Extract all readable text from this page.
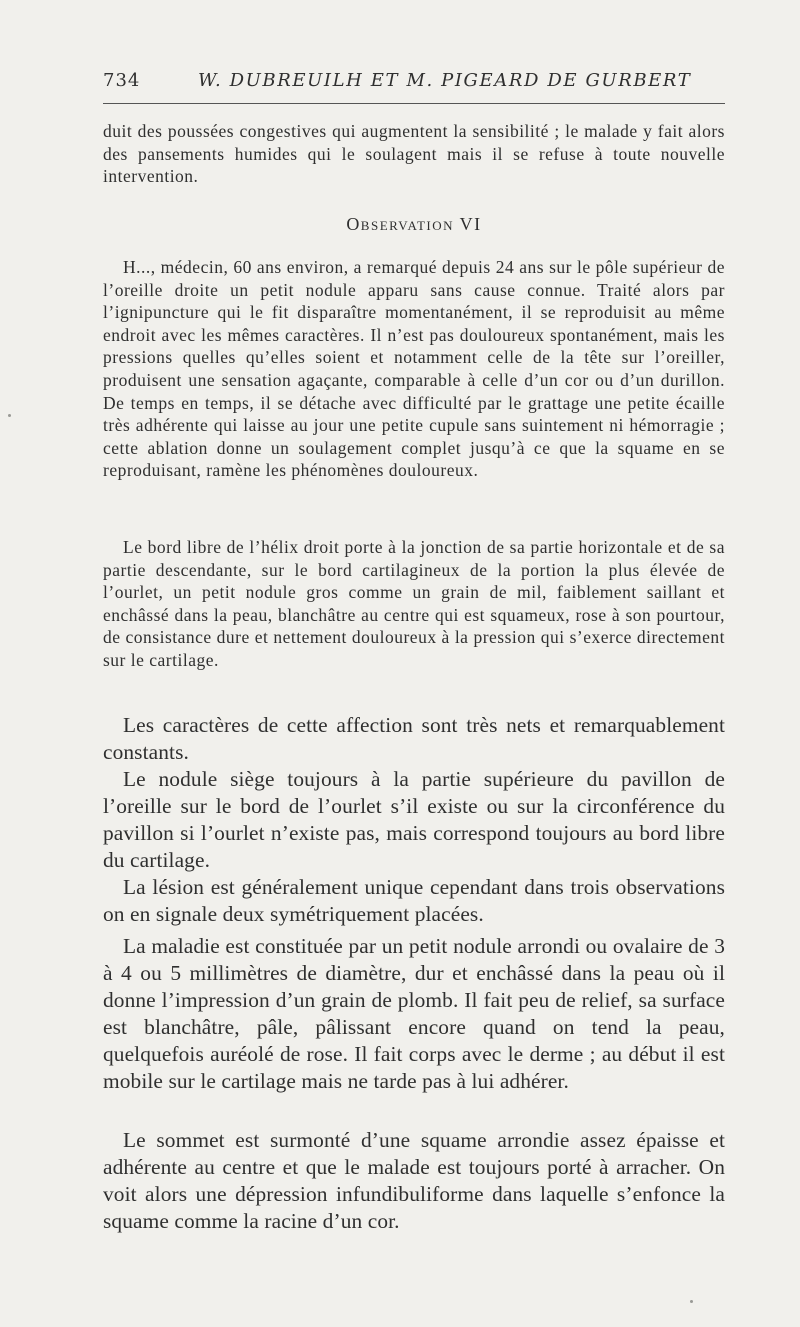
734	W. DUBREUILH ET M. PIGEARD DE GURBERT

duit des poussées congestives qui augmentent la sensibilité ; le malade y fait alors des pansements humides qui le soulagent mais il se refuse à toute nouvelle intervention.

Observation VI

H..., médecin, 60 ans environ, a remarqué depuis 24 ans sur le pôle supérieur de l’oreille droite un petit nodule apparu sans cause connue. Traité alors par l’ignipuncture qui le fit disparaître momentanément, il se reproduisit au même endroit avec les mêmes caractères. Il n’est pas douloureux spontanément, mais les pressions quelles qu’elles soient et notamment celle de la tête sur l’oreiller, produisent une sensation agaçante, comparable à celle d’un cor ou d’un durillon. De temps en temps, il se détache avec difficulté par le grattage une petite écaille très adhérente qui laisse au jour une petite cupule sans suintement ni hémorragie ; cette ablation donne un soulagement complet jusqu’à ce que la squame en se reproduisant, ramène les phénomènes douloureux.

Le bord libre de l’hélix droit porte à la jonction de sa partie horizontale et de sa partie descendante, sur le bord cartilagineux de la portion la plus élevée de l’ourlet, un petit nodule gros comme un grain de mil, faiblement saillant et enchâssé dans la peau, blanchâtre au centre qui est squameux, rose à son pourtour, de consistance dure et nettement douloureux à la pression qui s’exerce directement sur le cartilage.

Les caractères de cette affection sont très nets et remarquablement constants.

Le nodule siège toujours à la partie supérieure du pavillon de l’oreille sur le bord de l’ourlet s’il existe ou sur la circonférence du pavillon si l’ourlet n’existe pas, mais correspond toujours au bord libre du cartilage.

La lésion est généralement unique cependant dans trois observations on en signale deux symétriquement placées.

La maladie est constituée par un petit nodule arrondi ou ovalaire de 3 à 4 ou 5 millimètres de diamètre, dur et enchâssé dans la peau où il donne l’impression d’un grain de plomb. Il fait peu de relief, sa surface est blanchâtre, pâle, pâlissant encore quand on tend la peau, quelquefois auréolé de rose. Il fait corps avec le derme ; au début il est mobile sur le cartilage mais ne tarde pas à lui adhérer.

Le sommet est surmonté d’une squame arrondie assez épaisse et adhérente au centre et que le malade est toujours porté à arracher. On voit alors une dépression infundibuliforme dans laquelle s’enfonce la squame comme la racine d’un cor.
